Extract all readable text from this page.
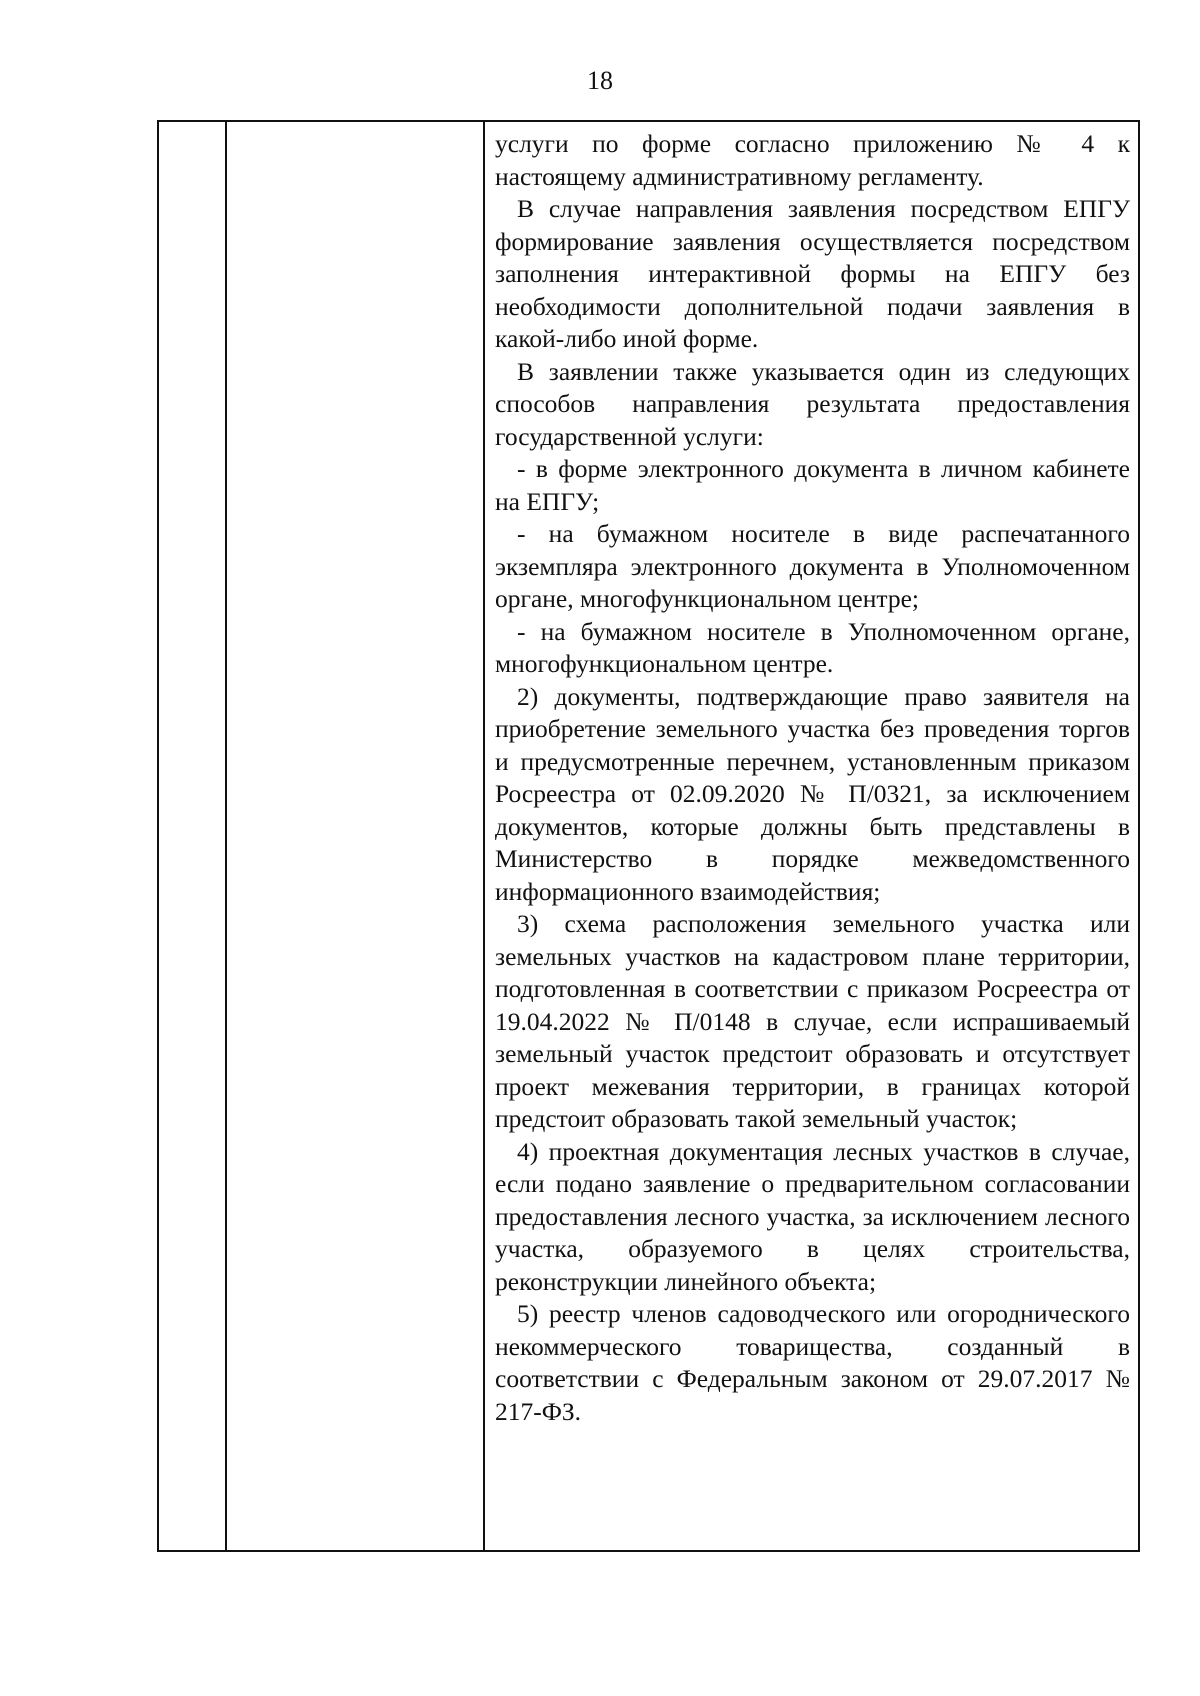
18

услуги по форме согласно приложению № 4 к настоящему административному регламенту.

В случае направления заявления посредством ЕПГУ формирование заявления осуществляется посредством заполнения интерактивной формы на ЕПГУ без необходимости дополнительной подачи заявления в какой-либо иной форме.

В заявлении также указывается один из следующих способов направления результата предоставления государственной услуги:

- в форме электронного документа в личном кабинете на ЕПГУ;

- на бумажном носителе в виде распечатанного экземпляра электронного документа в Уполномоченном органе, многофункциональном центре;

- на бумажном носителе в Уполномоченном органе, многофункциональном центре.

2) документы, подтверждающие право заявителя на приобретение земельного участка без проведения торгов и предусмотренные перечнем, установленным приказом Росреестра от 02.09.2020 № П/0321, за исключением документов, которые должны быть представлены в Министерство в порядке межведомственного информационного взаимодействия;

3) схема расположения земельного участка или земельных участков на кадастровом плане территории, подготовленная в соответствии с приказом Росреестра от 19.04.2022 № П/0148 в случае, если испрашиваемый земельный участок предстоит образовать и отсутствует проект межевания территории, в границах которой предстоит образовать такой земельный участок;

4) проектная документация лесных участков в случае, если подано заявление о предварительном согласовании предоставления лесного участка, за исключением лесного участка, образуемого в целях строительства, реконструкции линейного объекта;

5) реестр членов садоводческого или огороднического некоммерческого товарищества, созданный в соответствии с Федеральным законом от 29.07.2017 № 217-ФЗ.
